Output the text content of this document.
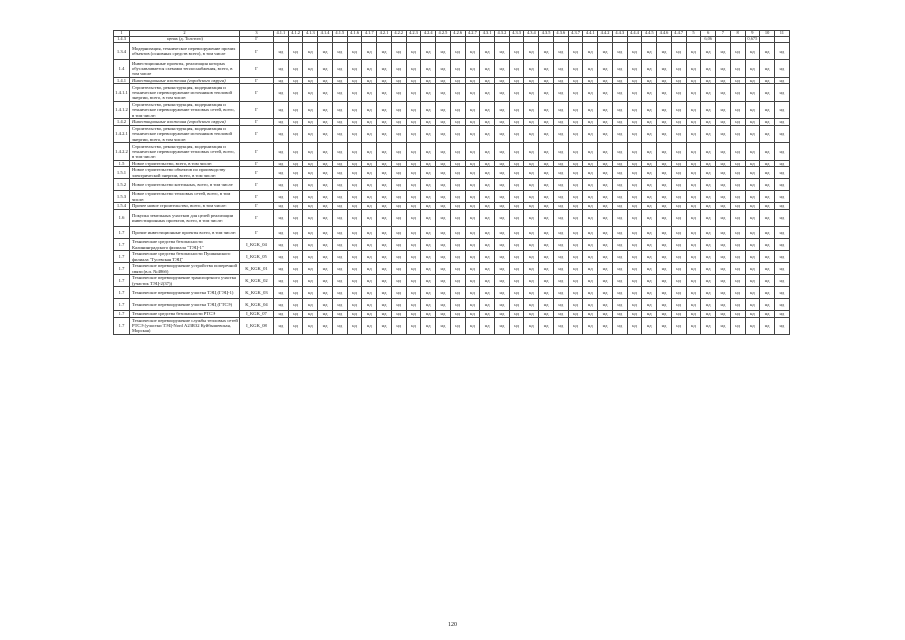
1	2	3	4.1.1	4.1.2	4.1.3	4.1.4	4.1.5	4.1.6	4.1.7	4.2.1	4.2.2	4.2.3	4.2.4	4.2.5	4.2.6	4.2.7	4.3.1	4.3.2	4.3.3	4.3.4	4.3.5	4.3.6	4.3.7	4.4.1	4.4.2	4.4.3	4.4.4	4.4.5	4.4.6	4.4.7	5	6	7	8	9	10	11
1.4.3	ценах (д. Толстого)	Г																														6,06			0,675		
1.3.4	Модернизация, техническое перевооружение прочих объектов (основных средств всего), в том числе	Г	нд	нд	нд	нд	нд	нд	нд	нд	нд	нд	нд	нд	нд	нд	нд	нд	нд	нд	нд	нд	нд	нд	нд	нд	нд	нд	нд	нд	нд	нд	нд	нд	нд	нд	нд
1.4	Инвестиционные проекты, реализация которых обуславливается схемами теплоснабжения, всего, в том числе	Г	нд	нд	нд	нд	нд	нд	нд	нд	нд	нд	нд	нд	нд	нд	нд	нд	нд	нд	нд	нд	нд	нд	нд	нд	нд	нд	нд	нд	нд	нд	нд	нд	нд	нд	нд
1.4.1	Инвестиционные вложения (городского округа)	Г	нд	нд	нд	нд	нд	нд	нд	нд	нд	нд	нд	нд	нд	нд	нд	нд	нд	нд	нд	нд	нд	нд	нд	нд	нд	нд	нд	нд	нд	нд	нд	нд	нд	нд	нд
1.4.1.1	Строительство, реконструкция, модернизация и техническое перевооружение источников тепловой энергии, всего, в том числе:	Г	нд	нд	нд	нд	нд	нд	нд	нд	нд	нд	нд	нд	нд	нд	нд	нд	нд	нд	нд	нд	нд	нд	нд	нд	нд	нд	нд	нд	нд	нд	нд	нд	нд	нд	нд
1.4.1.2	Строительство, реконструкция, модернизация и техническое перевооружение тепловых сетей, всего, в том числе:	Г	нд	нд	нд	нд	нд	нд	нд	нд	нд	нд	нд	нд	нд	нд	нд	нд	нд	нд	нд	нд	нд	нд	нд	нд	нд	нд	нд	нд	нд	нд	нд	нд	нд	нд	нд
1.4.2	Инвестиционные вложения (городского округа)	Г	нд	нд	нд	нд	нд	нд	нд	нд	нд	нд	нд	нд	нд	нд	нд	нд	нд	нд	нд	нд	нд	нд	нд	нд	нд	нд	нд	нд	нд	нд	нд	нд	нд	нд	нд
1.4.2.1	Строительство, реконструкция, модернизация и техническое перевооружение источников тепловой энергии, всего, в том числе:	Г	нд	нд	нд	нд	нд	нд	нд	нд	нд	нд	нд	нд	нд	нд	нд	нд	нд	нд	нд	нд	нд	нд	нд	нд	нд	нд	нд	нд	нд	нд	нд	нд	нд	нд	нд
1.4.2.2	Строительство, реконструкция, модернизация и техническое перевооружение тепловых сетей, всего, в том числе:	Г	нд	нд	нд	нд	нд	нд	нд	нд	нд	нд	нд	нд	нд	нд	нд	нд	нд	нд	нд	нд	нд	нд	нд	нд	нд	нд	нд	нд	нд	нд	нд	нд	нд	нд	нд
1.5	Новое строительство, всего, в том числе:	Г	нд	нд	нд	нд	нд	нд	нд	нд	нд	нд	нд	нд	нд	нд	нд	нд	нд	нд	нд	нд	нд	нд	нд	нд	нд	нд	нд	нд	нд	нд	нд	нд	нд	нд	нд
1.5.1	Новое строительство объектов по производству электрической энергии, всего, в том числе:	Г	нд	нд	нд	нд	нд	нд	нд	нд	нд	нд	нд	нд	нд	нд	нд	нд	нд	нд	нд	нд	нд	нд	нд	нд	нд	нд	нд	нд	нд	нд	нд	нд	нд	нд	нд
1.5.2	Новое строительство котельных, всего, в том числе	Г	нд	нд	нд	нд	нд	нд	нд	нд	нд	нд	нд	нд	нд	нд	нд	нд	нд	нд	нд	нд	нд	нд	нд	нд	нд	нд	нд	нд	нд	нд	нд	нд	нд	нд	нд
1.5.3	Новое строительство тепловых сетей, всего, в том числе:	Г	нд	нд	нд	нд	нд	нд	нд	нд	нд	нд	нд	нд	нд	нд	нд	нд	нд	нд	нд	нд	нд	нд	нд	нд	нд	нд	нд	нд	нд	нд	нд	нд	нд	нд	нд
1.5.4	Прочее новое строительство, всего, в том числе:	Г	нд	нд	нд	нд	нд	нд	нд	нд	нд	нд	нд	нд	нд	нд	нд	нд	нд	нд	нд	нд	нд	нд	нд	нд	нд	нд	нд	нд	нд	нд	нд	нд	нд	нд	нд
1.6	Покупка земельных участков для целей реализации инвестиционных проектов, всего, в том числе:	Г	нд	нд	нд	нд	нд	нд	нд	нд	нд	нд	нд	нд	нд	нд	нд	нд	нд	нд	нд	нд	нд	нд	нд	нд	нд	нд	нд	нд	нд	нд	нд	нд	нд	нд	нд
1.7	Прочие инвестиционные проекты всего, в том числе:	Г	нд	нд	нд	нд	нд	нд	нд	нд	нд	нд	нд	нд	нд	нд	нд	нд	нд	нд	нд	нд	нд	нд	нд	нд	нд	нд	нд	нд	нд	нд	нд	нд	нд	нд	нд
1.7	Технические средства безопасности Калининградского филиала "ТЭЦ-1"	I_KGK_04	нд	нд	нд	нд	нд	нд	нд	нд	нд	нд	нд	нд	нд	нд	нд	нд	нд	нд	нд	нд	нд	нд	нд	нд	нд	нд	нд	нд	нд	нд	нд	нд	нд	нд	нд
1.7	Технические средства безопасности Пушкинского филиала "Гусевская ТЭЦ"	I_KGK_05	нд	нд	нд	нд	нд	нд	нд	нд	нд	нд	нд	нд	нд	нд	нд	нд	нд	нд	нд	нд	нд	нд	нд	нд	нд	нд	нд	нд	нд	нд	нд	нд	нд	нд	нд
1.7	Техническое перевооружение устройства поперечной связи (в.п. №486б)	K_KGK_01	нд	нд	нд	нд	нд	нд	нд	нд	нд	нд	нд	нд	нд	нд	нд	нд	нд	нд	нд	нд	нд	нд	нд	нд	нд	нд	нд	нд	нд	нд	нд	нд	нд	нд	нд
1.7	Техническое перевооружение транспортного участка (участок ТЭЦ-2(37))	K_KGK_02	нд	нд	нд	нд	нд	нд	нд	нд	нд	нд	нд	нд	нд	нд	нд	нд	нд	нд	нд	нд	нд	нд	нд	нд	нд	нд	нд	нд	нд	нд	нд	нд	нд	нд	нд
1.7	Техническое перевооружение участка ТЭЦ (ГЭЦ-1)	K_KGK_03	нд	нд	нд	нд	нд	нд	нд	нд	нд	нд	нд	нд	нд	нд	нд	нд	нд	нд	нд	нд	нд	нд	нд	нд	нд	нд	нд	нд	нд	нд	нд	нд	нд	нд	нд
1.7	Техническое перевооружение участка ТЭЦ (ГТСЭ)	K_KGK_04	нд	нд	нд	нд	нд	нд	нд	нд	нд	нд	нд	нд	нд	нд	нд	нд	нд	нд	нд	нд	нд	нд	нд	нд	нд	нд	нд	нд	нд	нд	нд	нд	нд	нд	нд
1.7	Технические средства безопасности РТСЭ	I_KGK_07	нд	нд	нд	нд	нд	нд	нд	нд	нд	нд	нд	нд	нд	нд	нд	нд	нд	нд	нд	нд	нд	нд	нд	нд	нд	нд	нд	нд	нд	нд	нд	нд	нд	нд	нд
1.7	Техническое перевооружение службы тепловых сетей РТСЭ (участки ТЭЦ-Nord А23R32 Куйбышевская, Морская)	I_KGK_08	нд	нд	нд	нд	нд	нд	нд	нд	нд	нд	нд	нд	нд	нд	нд	нд	нд	нд	нд	нд	нд	нд	нд	нд	нд	нд	нд	нд	нд	нд	нд	нд	нд	нд	нд
120
